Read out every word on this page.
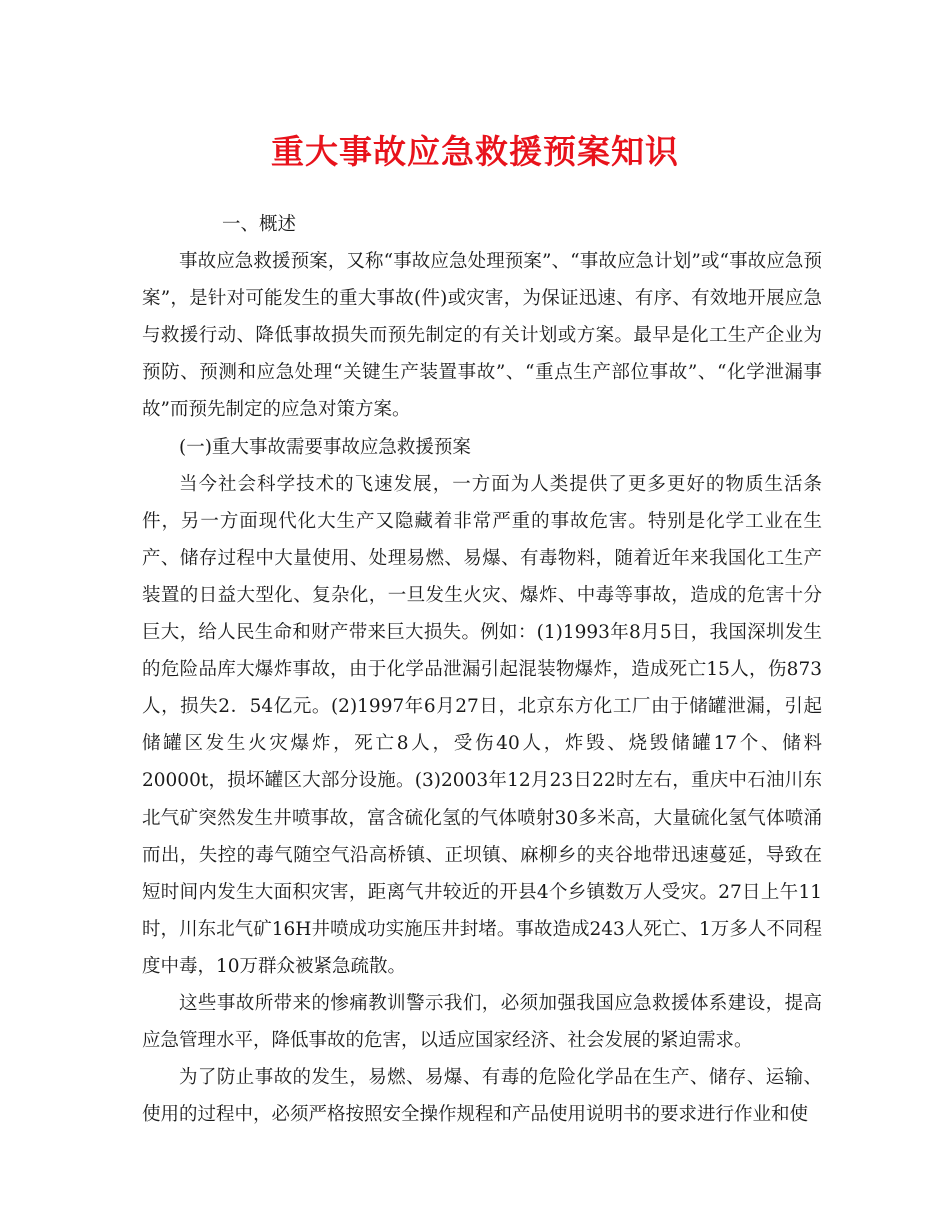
重大事故应急救援预案知识

一、概述

事故应急救援预案，又称“事故应急处理预案”、“事故应急计划”或“事故应急预案”，是针对可能发生的重大事故(件)或灾害，为保证迅速、有序、有效地开展应急与救援行动、降低事故损失而预先制定的有关计划或方案。最早是化工生产企业为预防、预测和应急处理“关键生产装置事故”、“重点生产部位事故”、“化学泄漏事故”而预先制定的应急对策方案。

(一)重大事故需要事故应急救援预案

当今社会科学技术的飞速发展，一方面为人类提供了更多更好的物质生活条件，另一方面现代化大生产又隐藏着非常严重的事故危害。特别是化学工业在生产、储存过程中大量使用、处理易燃、易爆、有毒物料，随着近年来我国化工生产装置的日益大型化、复杂化，一旦发生火灾、爆炸、中毒等事故，造成的危害十分巨大，给人民生命和财产带来巨大损失。例如：(1)1993年8月5日，我国深圳发生的危险品库大爆炸事故，由于化学品泄漏引起混装物爆炸，造成死亡15人，伤873人，损失2．54亿元。(2)1997年6月27日，北京东方化工厂由于储罐泄漏，引起储罐区发生火灾爆炸，死亡8人，受伤40人，炸毁、烧毁储罐17个、储料20000t，损坏罐区大部分设施。(3)2003年12月23日22时左右，重庆中石油川东北气矿突然发生井喷事故，富含硫化氢的气体喷射30多米高，大量硫化氢气体喷涌而出，失控的毒气随空气沿高桥镇、正坝镇、麻柳乡的夹谷地带迅速蔓延，导致在短时间内发生大面积灾害，距离气井较近的开县4个乡镇数万人受灾。27日上午11时，川东北气矿16H井喷成功实施压井封堵。事故造成243人死亡、1万多人不同程度中毒，10万群众被紧急疏散。

这些事故所带来的惨痛教训警示我们，必须加强我国应急救援体系建设，提高应急管理水平，降低事故的危害，以适应国家经济、社会发展的紧迫需求。

为了防止事故的发生，易燃、易爆、有毒的危险化学品在生产、储存、运输、使用的过程中，必须严格按照安全操作规程和产品使用说明书的要求进行作业和使
